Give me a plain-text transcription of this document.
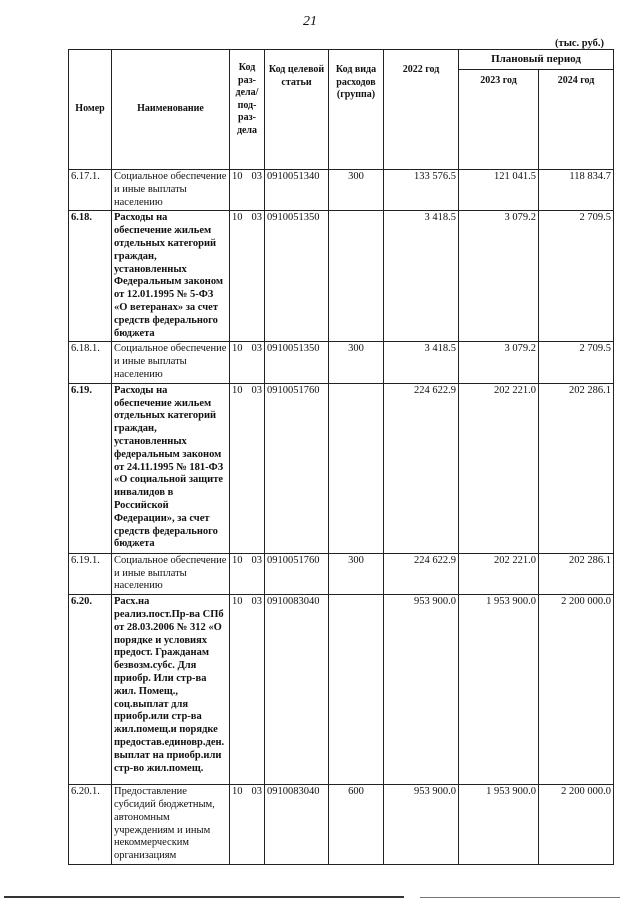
21
(тыс. руб.)
Номер	Наименование	Код раз-дела/ под-раз-дела	Код целевой статьи	Код вида расходов (группа)	2022 год	Плановый период	
						2023 год	2024 год
6.17.1.	Социальное обеспечение и иные выплаты населению	10 03	0910051340	300	133 576.5	121 041.5	118 834.7
6.18.	Расходы на обеспечение жильем отдельных категорий граждан, установленных Федеральным законом от 12.01.1995 № 5-ФЗ «О ветеранах» за счет средств федерального бюджета	10 03	0910051350		3 418.5	3 079.2	2 709.5
6.18.1.	Социальное обеспечение и иные выплаты населению	10 03	0910051350	300	3 418.5	3 079.2	2 709.5
6.19.	Расходы на обеспечение жильем отдельных категорий граждан, установленных федеральным законом от 24.11.1995 № 181-ФЗ «О социальной защите инвалидов в Российской Федерации», за счет средств федерального бюджета	10 03	0910051760		224 622.9	202 221.0	202 286.1
6.19.1.	Социальное обеспечение и иные выплаты населению	10 03	0910051760	300	224 622.9	202 221.0	202 286.1
6.20.	Расх.на реализ.пост.Пр-ва СПб от 28.03.2006 № 312 «О порядке и условиях предост. Гражданам безвозм.субс. Для приобр. Или стр-ва жил. Помещ., соц.выплат для приобр.или стр-ва жил.помещ.и порядке предостав.единовр.ден. выплат на приобр.или стр-во жил.помещ.	10 03	0910083040		953 900.0	1 953 900.0	2 200 000.0
6.20.1.	Предоставление субсидий бюджетным, автономным учреждениям и иным некоммерческим организациям	10 03	0910083040	600	953 900.0	1 953 900.0	2 200 000.0
